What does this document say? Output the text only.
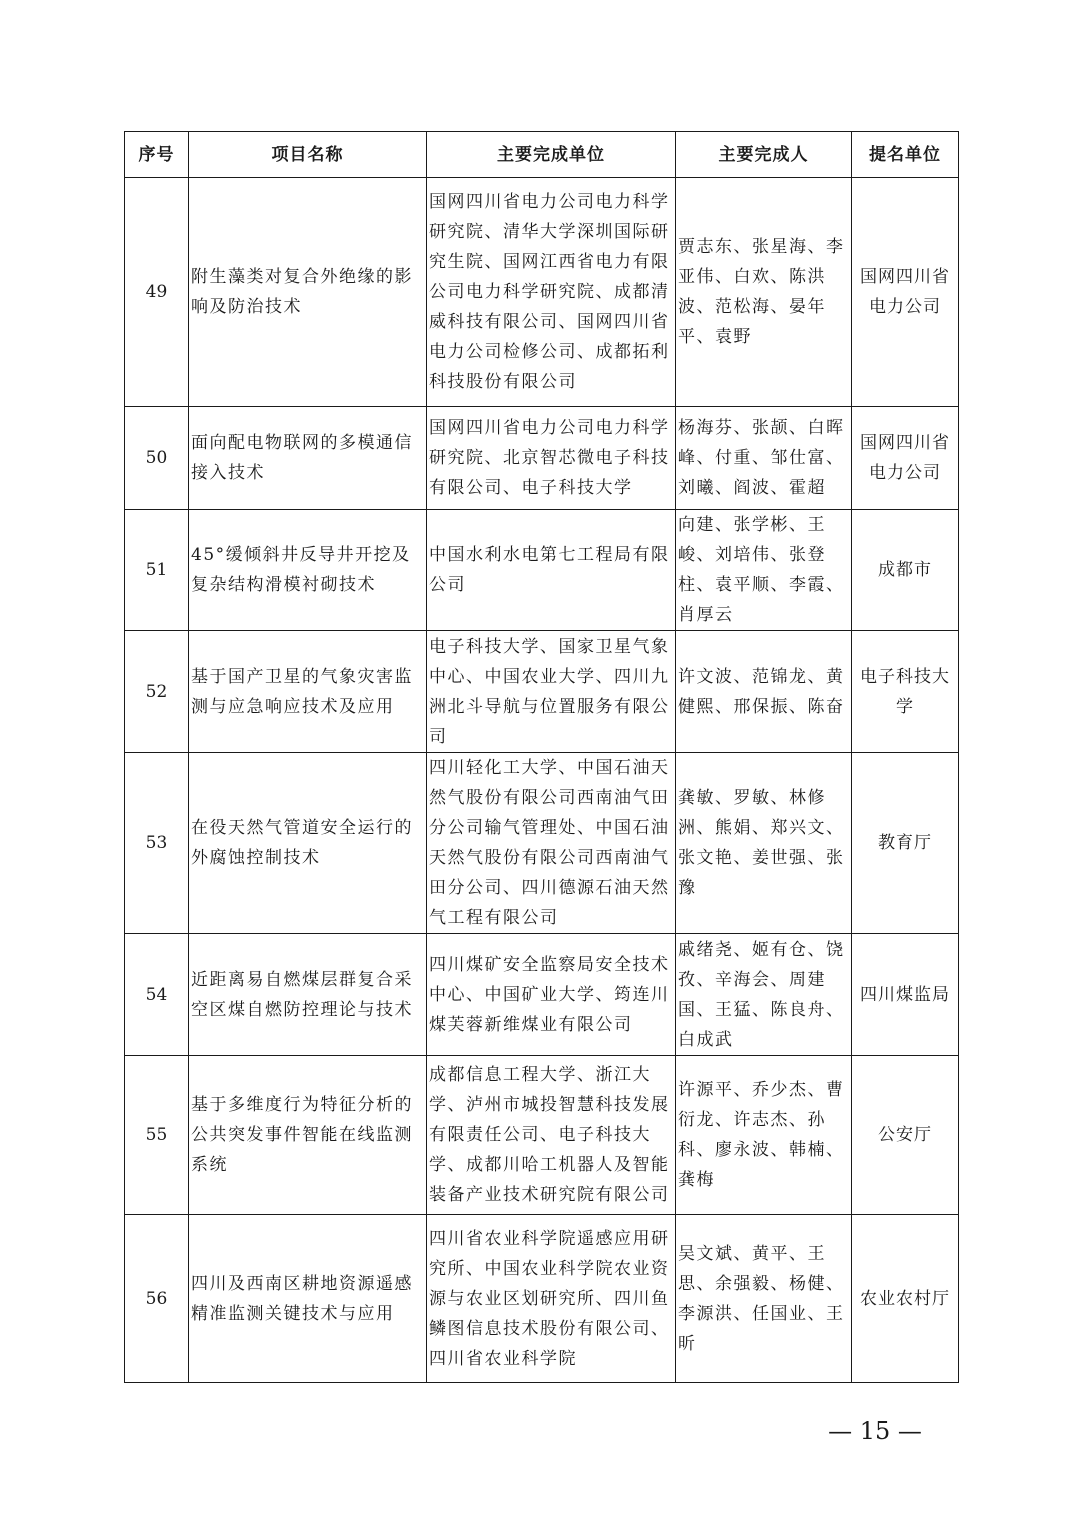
序号	项目名称	主要完成单位	主要完成人	提名单位
49	附生藻类对复合外绝缘的影响及防治技术	国网四川省电力公司电力科学研究院、清华大学深圳国际研究生院、国网江西省电力有限公司电力科学研究院、成都清威科技有限公司、国网四川省电力公司检修公司、成都拓利科技股份有限公司	贾志东、张星海、李亚伟、白欢、陈洪波、范松海、晏年平、袁野	国网四川省电力公司
50	面向配电物联网的多模通信接入技术	国网四川省电力公司电力科学研究院、北京智芯微电子科技有限公司、电子科技大学	杨海芬、张颉、白晖峰、付重、邹仕富、刘曦、阎波、霍超	国网四川省电力公司
51	45°缓倾斜井反导井开挖及复杂结构滑模衬砌技术	中国水利水电第七工程局有限公司	向建、张学彬、王峻、刘培伟、张登柱、袁平顺、李霞、肖厚云	成都市
52	基于国产卫星的气象灾害监测与应急响应技术及应用	电子科技大学、国家卫星气象中心、中国农业大学、四川九洲北斗导航与位置服务有限公司	许文波、范锦龙、黄健熙、邢保振、陈奋	电子科技大学
53	在役天然气管道安全运行的外腐蚀控制技术	四川轻化工大学、中国石油天然气股份有限公司西南油气田分公司输气管理处、中国石油天然气股份有限公司西南油气田分公司、四川德源石油天然气工程有限公司	龚敏、罗敏、林修洲、熊娟、郑兴文、张文艳、姜世强、张豫	教育厅
54	近距离易自燃煤层群复合采空区煤自燃防控理论与技术	四川煤矿安全监察局安全技术中心、中国矿业大学、筠连川煤芙蓉新维煤业有限公司	戚绪尧、姬有仓、饶孜、辛海会、周建国、王猛、陈良舟、白成武	四川煤监局
55	基于多维度行为特征分析的公共突发事件智能在线监测系统	成都信息工程大学、浙江大学、泸州市城投智慧科技发展有限责任公司、电子科技大学、成都川哈工机器人及智能装备产业技术研究院有限公司	许源平、乔少杰、曹衍龙、许志杰、孙科、廖永波、韩楠、龚梅	公安厅
56	四川及西南区耕地资源遥感精准监测关键技术与应用	四川省农业科学院遥感应用研究所、中国农业科学院农业资源与农业区划研究所、四川鱼鳞图信息技术股份有限公司、四川省农业科学院	吴文斌、黄平、王思、余强毅、杨健、李源洪、任国业、王昕	农业农村厅
— 15 —
